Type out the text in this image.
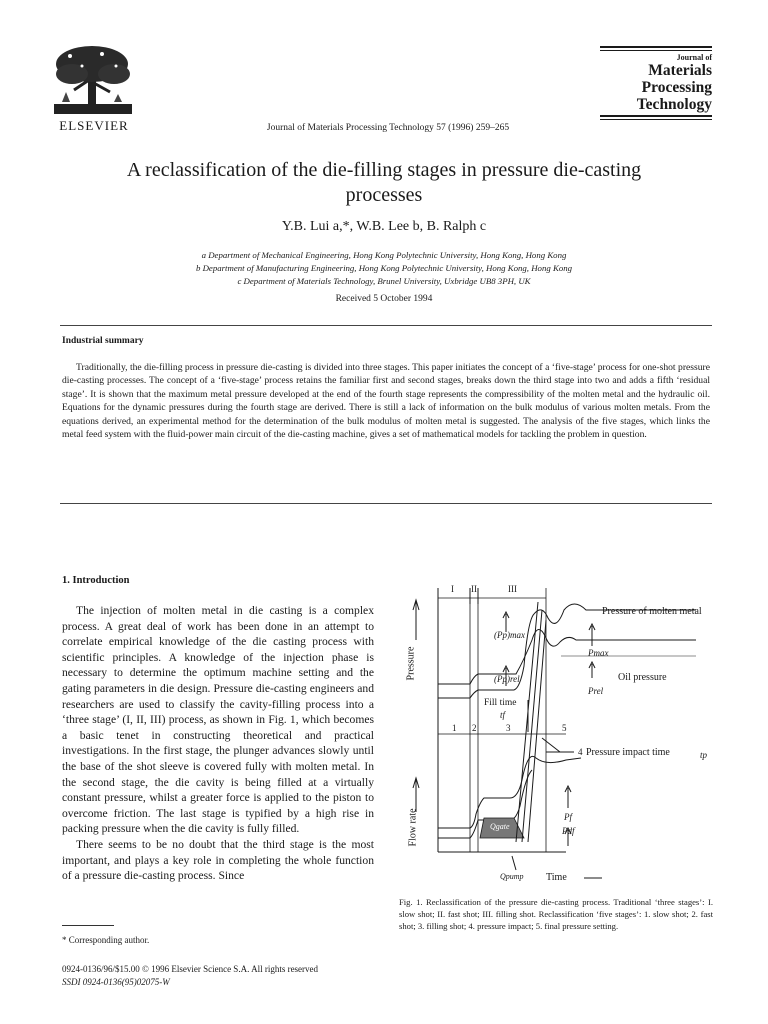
ELSEVIER	Journal of Materials Processing Technology 57 (1996) 259–265
Journal of
Materials
Processing
Technology
A reclassification of the die-filling stages in pressure die-casting processes
Y.B. Lui a,*, W.B. Lee b, B. Ralph c
a Department of Mechanical Engineering, Hong Kong Polytechnic University, Hong Kong, Hong Kong
b Department of Manufacturing Engineering, Hong Kong Polytechnic University, Hong Kong, Hong Kong
c Department of Materials Technology, Brunel University, Uxbridge UB8 3PH, UK
Received 5 October 1994
Industrial summary
Traditionally, the die-filling process in pressure die-casting is divided into three stages. This paper initiates the concept of a ‘five-stage’ process for one-shot pressure die-casting processes. The concept of a ‘five-stage’ process retains the familiar first and second stages, breaks down the third stage into two and adds a fifth ‘residual stage’. It is shown that the maximum metal pressure developed at the end of the fourth stage represents the compressibility of the molten metal and the hydraulic oil. Equations for the dynamic pressures during the fourth stage are derived. There is still a lack of information on the bulk modulus of various molten metals. From the equations derived, an experimental method for the determination of the bulk modulus of molten metal is suggested. The analysis of the five stages, which links the metal feed system with the fluid-power main circuit of the die-casting machine, gives a set of mathematical models for tackling the problem in question.
1. Introduction

The injection of molten metal in die casting is a complex process. A great deal of work has been done in an attempt to correlate empirical knowledge of the die casting process with scientific principles. A knowledge of the injection phase is necessary to determine the optimum machine setting and the gating parameters in die design. Pressure die-casting engineers and researchers are used to classify the cavity-filling process into a ‘three stage’ (I, II, III) process, as shown in Fig. 1, which becomes a basic tenet in constructing theoretical and practical investigations. In the first stage, the plunger advances slowly until the base of the shot sleeve is covered fully with molten metal. In the second stage, the die cavity is being filled at a virtually constant pressure, whilst a greater force is applied to the piston to overcome friction. The last stage is typified by a high rise in packing pressure when the die cavity is fully filled.

There seems to be no doubt that the third stage is the most important, and plays a key role in completing the whole function of a pressure die-casting process. Since

* Corresponding author.
0924-0136/96/$15.00 © 1996 Elsevier Science S.A. All rights reserved
SSDI 0924-0136(95)02075-W
I II	III
1 2	3	5
Pressure
Flow rate
Time
Pressure of molten metal
(Pp)max
Pmax
Oil pressure
(Pp)rel
Prel
Fill time
tf
4 Pressure impact time	tp
Pf
Pdf
Qgate
Qpump
Fig. 1. Reclassification of the pressure die-casting process. Traditional ‘three stages’: I. slow shot; II. fast shot; III. filling shot. Reclassification ‘five stages’: 1. slow shot; 2. fast shot; 3. filling shot; 4. pressure impact; 5. final pressure setting.
